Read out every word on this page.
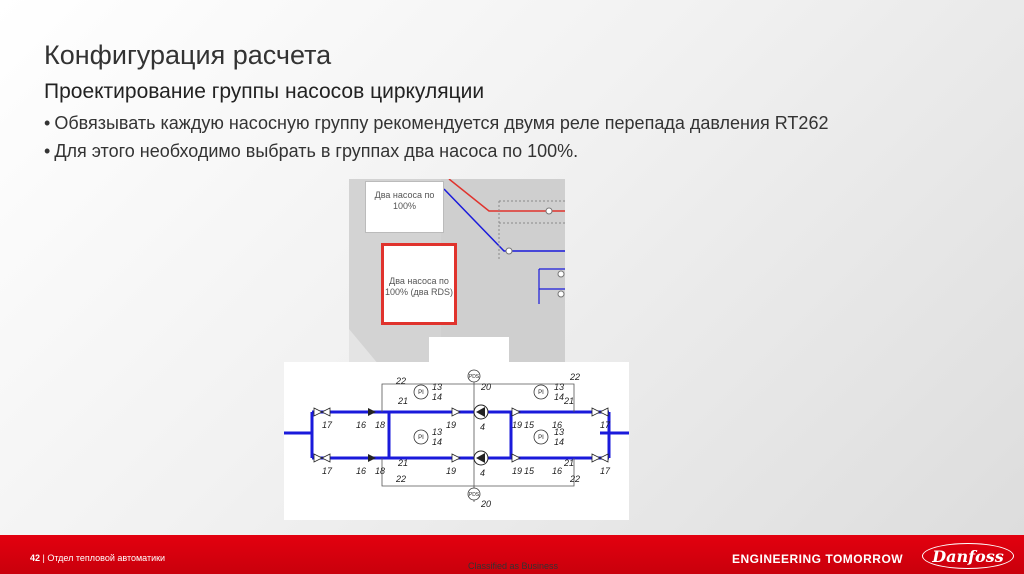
Конфигурация расчета
Проектирование группы насосов циркуляции
• Обвязывать каждую насосную группу рекомендуется двумя реле перепада давления RT262
• Для этого необходимо выбрать в группах два насоса по 100%.
Два насоса по
100%
Два насоса по
100% (два RDS)
PI	PI
PI	PI
PDS
PDS
22
13
14
21
20	13
14 21
22
17	16 18	19	4	19 15 16	17
13
14
13
14
17	16 18
21
19	4	19 15 16
21
17
22
20
22
42 | Отдел тепловой автоматики
Classified as Business	ENGINEERING TOMORROW	Danfoss
